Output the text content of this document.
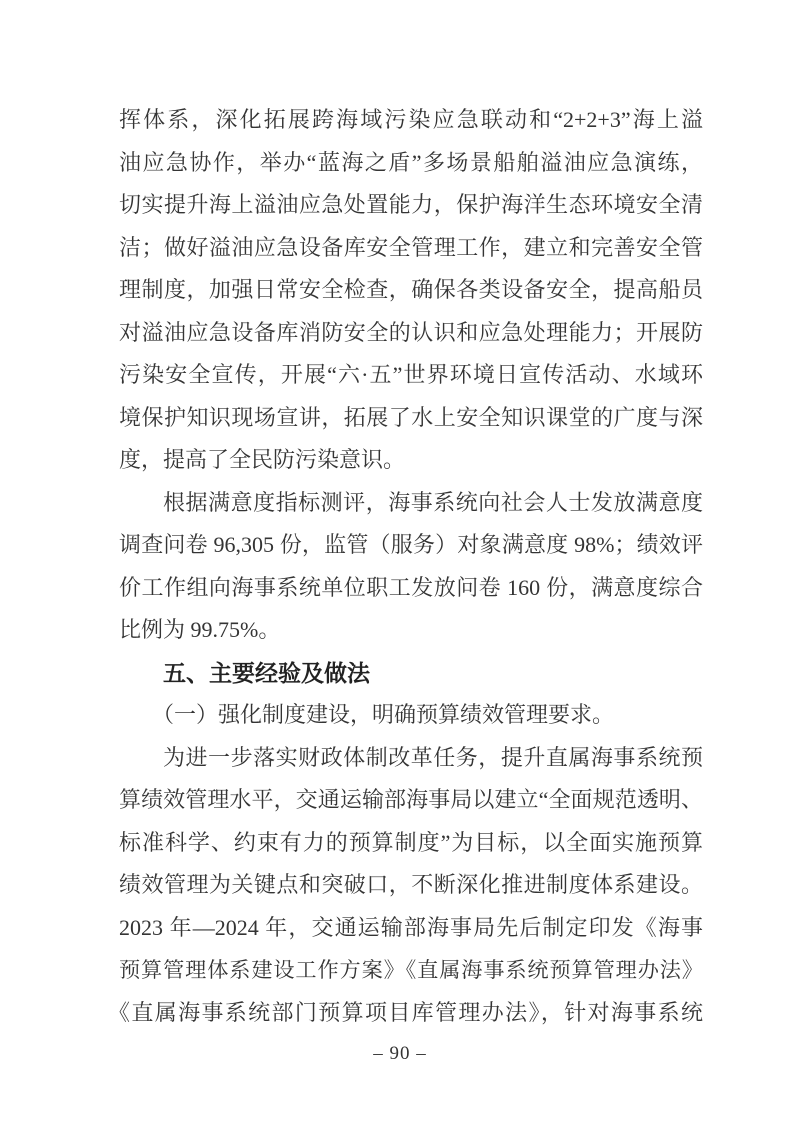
挥体系，深化拓展跨海域污染应急联动和“2+2+3”海上溢
油应急协作，举办“蓝海之盾”多场景船舶溢油应急演练，
切实提升海上溢油应急处置能力，保护海洋生态环境安全清
洁；做好溢油应急设备库安全管理工作，建立和完善安全管
理制度，加强日常安全检查，确保各类设备安全，提高船员
对溢油应急设备库消防安全的认识和应急处理能力；开展防
污染安全宣传，开展“六·五”世界环境日宣传活动、水域环
境保护知识现场宣讲，拓展了水上安全知识课堂的广度与深
度，提高了全民防污染意识。
根据满意度指标测评，海事系统向社会人士发放满意度
调查问卷 96,305 份，监管（服务）对象满意度 98%；绩效评
价工作组向海事系统单位职工发放问卷 160 份，满意度综合
比例为 99.75%。
五、主要经验及做法
（一）强化制度建设，明确预算绩效管理要求。
为进一步落实财政体制改革任务，提升直属海事系统预
算绩效管理水平，交通运输部海事局以建立“全面规范透明、
标准科学、约束有力的预算制度”为目标，以全面实施预算
绩效管理为关键点和突破口，不断深化推进制度体系建设。
2023 年—2024 年，交通运输部海事局先后制定印发《海事
预算管理体系建设工作方案》《直属海事系统预算管理办法》
《直属海事系统部门预算项目库管理办法》，针对海事系统
– 90 –
